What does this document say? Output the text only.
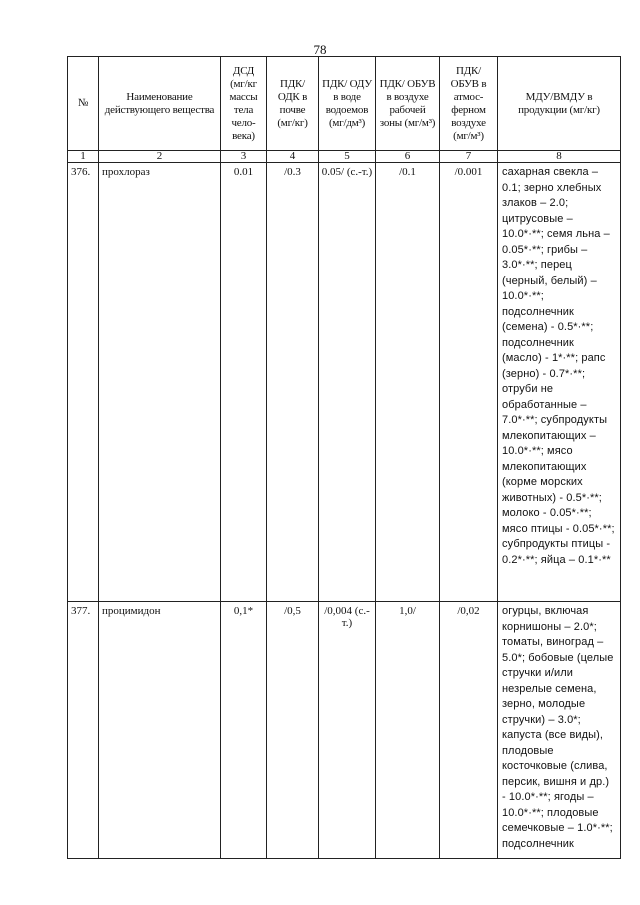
78
№	Наименование действующего вещества	ДСД (мг/кг массы тела чело-века)	ПДК/ ОДК в почве (мг/кг)	ПДК/ ОДУ в воде водоемов (мг/дм³)	ПДК/ ОБУВ в воздухе рабочей зоны (мг/м³)	ПДК/ ОБУВ в атмос-ферном воздухе (мг/м³)	МДУ/ВМДУ в продукции (мг/кг)
1	2	3	4	5	6	7	8
376.	прохлораз	0.01	/0.3	0.05/ (с.-т.)	/0.1	/0.001	сахарная свекла – 0.1; зерно хлебных злаков – 2.0; цитрусовые – 10.0*·**; семя льна – 0.05*·**; грибы – 3.0*·**; перец (черный, белый) – 10.0*·**; подсолнечник (семена) - 0.5*·**; подсолнечник (масло) - 1*·**; рапс (зерно) - 0.7*·**; отруби не обработанные – 7.0*·**; субпродукты млекопитающих – 10.0*·**; мясо млекопитающих (корме морских животных) - 0.5*·**; молоко - 0.05*·**; мясо птицы - 0.05*·**; субпродукты птицы - 0.2*·**; яйца – 0.1*·**
377.	процимидон	0,1*	/0,5	/0,004 (с.-т.)	1,0/	/0,02	огурцы, включая корнишоны – 2.0*; томаты, виноград – 5.0*; бобовые (целые стручки и/или незрелые семена, зерно, молодые стручки) – 3.0*; капуста (все виды), плодовые косточковые (слива, персик, вишня и др.) - 10.0*·**; ягоды – 10.0*·**; плодовые семечковые – 1.0*·**; подсолнечник
